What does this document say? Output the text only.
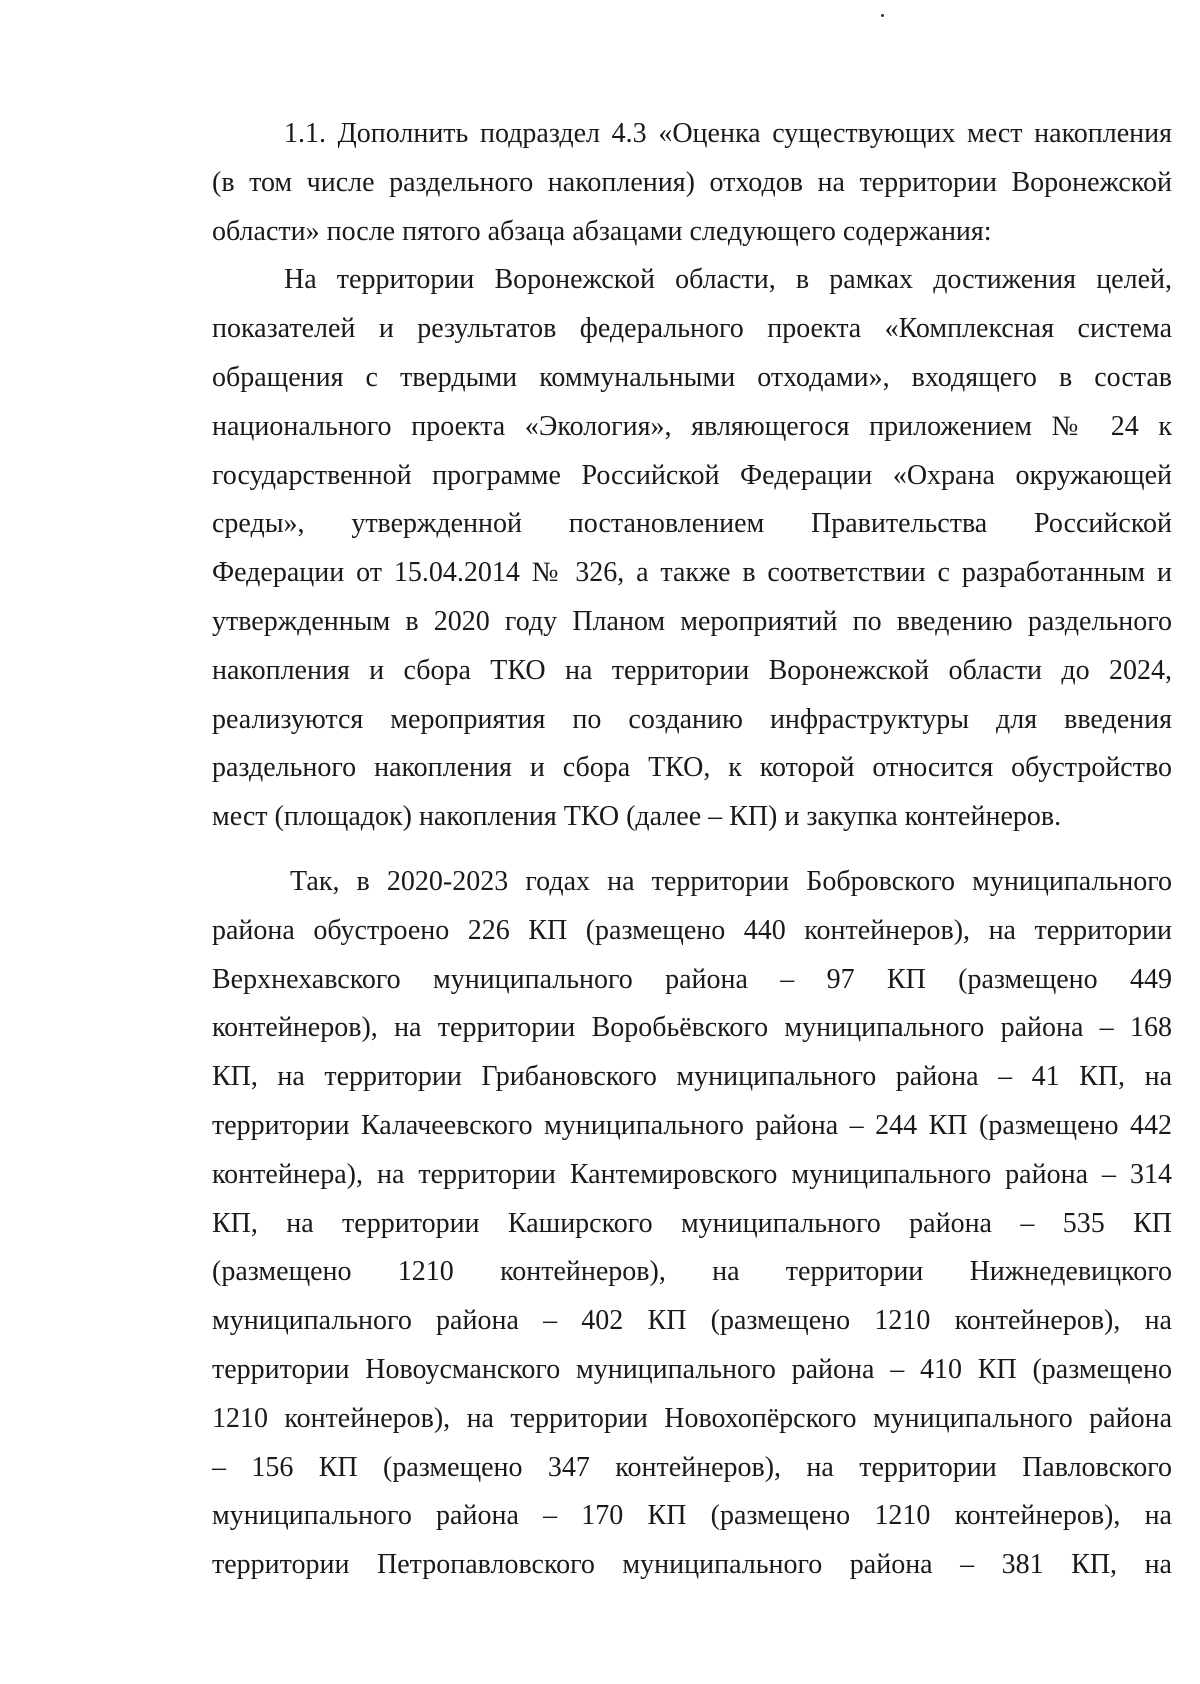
1.1. Дополнить подраздел 4.3 «Оценка существующих мест накопления
(в том числе раздельного накопления) отходов на территории Воронежской
области» после пятого абзаца абзацами следующего содержания:

На территории Воронежской области, в рамках достижения целей,
показателей и результатов федерального проекта «Комплексная система
обращения с твердыми коммунальными отходами», входящего в состав
национального проекта «Экология», являющегося приложением № 24 к
государственной программе Российской Федерации «Охрана окружающей
среды», утвержденной постановлением Правительства Российской
Федерации от 15.04.2014 № 326, а также в соответствии с разработанным и
утвержденным в 2020 году Планом мероприятий по введению раздельного
накопления и сбора ТКО на территории Воронежской области до 2024,
реализуются мероприятия по созданию инфраструктуры для введения
раздельного накопления и сбора ТКО, к которой относится обустройство
мест (площадок) накопления ТКО (далее – КП) и закупка контейнеров.

Так, в 2020-2023 годах на территории Бобровского муниципального
района обустроено 226 КП (размещено 440 контейнеров), на территории
Верхнехавского муниципального района – 97 КП (размещено 449
контейнеров), на территории Воробьёвского муниципального района – 168
КП, на территории Грибановского муниципального района – 41 КП, на
территории Калачеевского муниципального района – 244 КП (размещено 442
контейнера), на территории Кантемировского муниципального района – 314
КП, на территории Каширского муниципального района – 535 КП
(размещено 1210 контейнеров), на территории Нижнедевицкого
муниципального района – 402 КП (размещено 1210 контейнеров), на
территории Новоусманского муниципального района – 410 КП (размещено
1210 контейнеров), на территории Новохопёрского муниципального района
– 156 КП (размещено 347 контейнеров), на территории Павловского
муниципального района – 170 КП (размещено 1210 контейнеров), на
территории Петропавловского муниципального района – 381 КП, на
